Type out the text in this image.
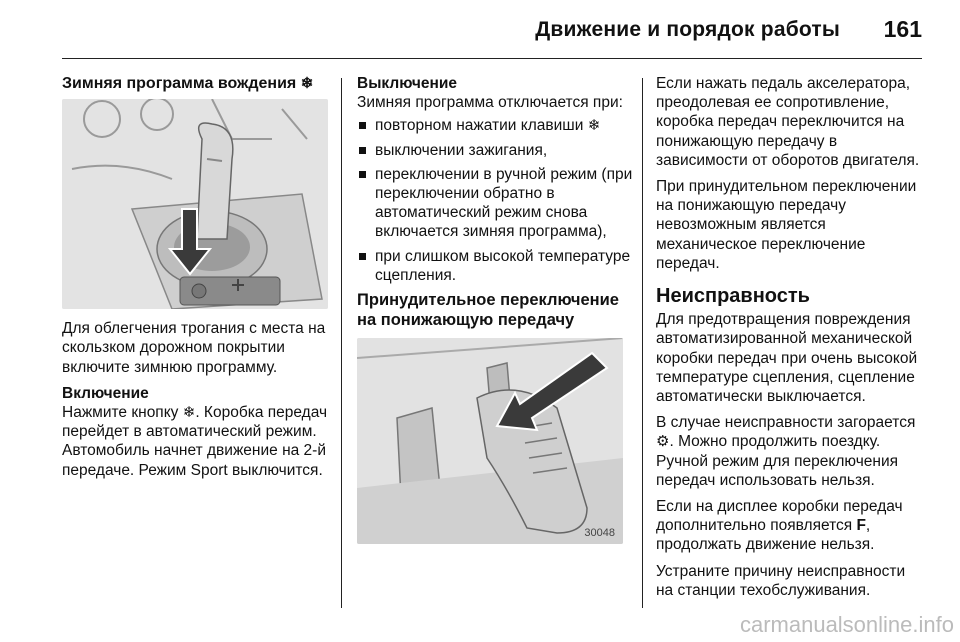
Движение и порядок работы	161
Зимняя программа вождения ❄

Для облегчения трогания с места на скользком дорожном покрытии включите зимнюю программу.

Включение

Нажмите кнопку ❄. Коробка передач перейдет в автоматический режим. Автомобиль начнет движение на 2-й передаче. Режим Sport выключится.

Выключение

Зимняя программа отключается при:

повторном нажатии клавиши ❄
выключении зажигания,
переключении в ручной режим (при переключении обратно в автоматический режим снова включается зимняя программа),
при слишком высокой температуре сцепления.
Принудительное переключение на понижающую передачу
30048

Если нажать педаль акселератора, преодолевая ее сопротивление, коробка передач переключится на понижающую передачу в зависимости от оборотов двигателя.

При принудительном переключении на понижающую передачу невозможным является механическое переключение передач.

Неисправность

Для предотвращения повреждения автоматизированной механической коробки передач при очень высокой температуре сцепления, сцепление автоматически выключается.

В случае неисправности загорается ⚙. Можно продолжить поездку. Ручной режим для переключения передач использовать нельзя.

Если на дисплее коробки передач дополнительно появляется F, продолжать движение нельзя.

Устраните причину неисправности на станции техобслуживания.

carmanualsonline.info
